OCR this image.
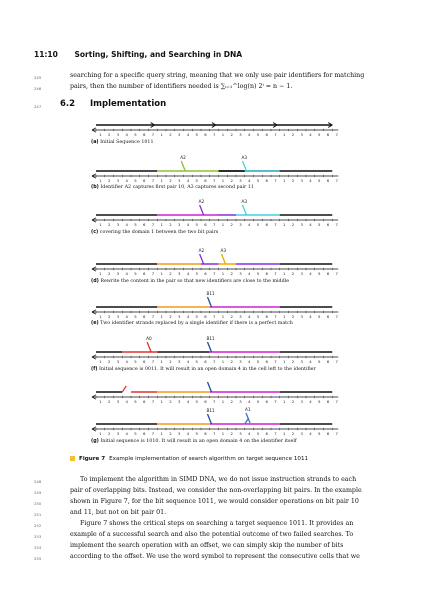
11:10 Sorting, Shifting, and Searching in DNA
245	searching for a specific query string, meaning that we only use pair identifiers for matching
246	pairs, then the number of identifiers needed is ∑ᵢ₌₁^log(n) 2ⁱ = n − 1.
247	6.2 Implementation
1 2 3 4 5 6 7 1 2 3 4 5 6 7 1 2 3 4 5 6 7 1 2 3 4 5 6 7
1 2 3 4 5 6 7 1 2 3 4 5 6 7 1 2 3 4 5 6 7 1 2 3 4 5 6 7
A2	A3
1 2 3 4 5 6 7 1 2 3 4 5 6 7 1 2 3 4 5 6 7 1 2 3 4 5 6 7
A2	A3
1 2 3 4 5 6 7 1 2 3 4 5 6 7 1 2 3 4 5 6 7 1 2 3 4 5 6 7
A2	A3
1 2 3 4 5 6 7 1 2 3 4 5 6 7 1 2 3 4 5 6 7 1 2 3 4 5 6 7
B11
1 2 3 4 5 6 7 1 2 3 4 5 6 7 1 2 3 4 5 6 7 1 2 3 4 5 6 7
A0	B11
1 2 3 4 5 6 7 1 2 3 4 5 6 7 1 2 3 4 5 6 7 1 2 3 4 5 6 7
1 2 3 4 5 6 7 1 2 3 4 5 6 7 1 2 3 4 5 6 7 1 2 3 4 5 6 7
B11	A1
(a) Initial Sequence 1011
(b) Identifier A2 captures first pair 10, A3 captures second pair 11
(c) covering the domain 1 between the two bit pairs
(d) Rewrite the content in the pair so that new identifiers are close to the middle
(e) Two identifier strands replaced by a single identifier if there is a perfect match
(f) Initial sequence is 0011. It will result in an open domain 4 in the cell left to the identifier
(g) Initial sequence is 1010. It will result in an open domain 4 on the identifier itself
Figure 7 Example implementation of search algorithm on target sequence 1011
248	To implement the algorithm in SIMD DNA, we do not issue instruction strands to each
249	pair of overlapping bits. Instead, we consider the non-overlapping bit pairs. In the example
250	shown in Figure 7, for the bit sequence 1011, we would consider operations on bit pair 10
251	and 11, but not on bit pair 01.
252	Figure 7 shows the critical steps on searching a target sequence 1011. It provides an
253	example of a successful search and also the potential outcome of two failed searches. To
254	implement the search operation with an offset, we can simply skip the number of bits
255	according to the offset. We use the word symbol to represent the consecutive cells that we
